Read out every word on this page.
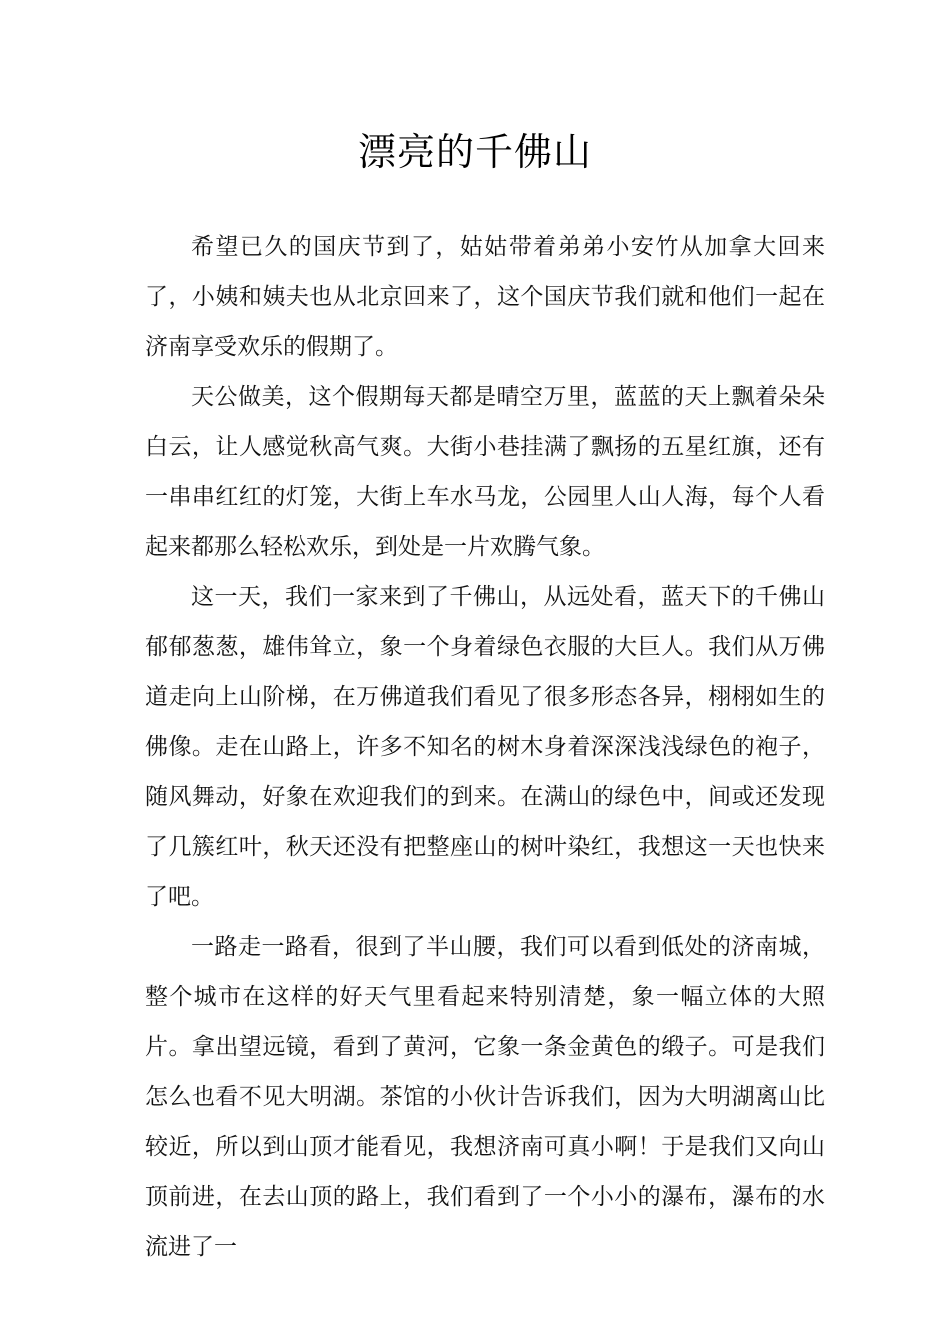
漂亮的千佛山

希望已久的国庆节到了，姑姑带着弟弟小安竹从加拿大回来了，小姨和姨夫也从北京回来了，这个国庆节我们就和他们一起在济南享受欢乐的假期了。

天公做美，这个假期每天都是晴空万里，蓝蓝的天上飘着朵朵白云，让人感觉秋高气爽。大街小巷挂满了飘扬的五星红旗，还有一串串红红的灯笼，大街上车水马龙，公园里人山人海，每个人看起来都那么轻松欢乐，到处是一片欢腾气象。

这一天，我们一家来到了千佛山，从远处看，蓝天下的千佛山郁郁葱葱，雄伟耸立，象一个身着绿色衣服的大巨人。我们从万佛道走向上山阶梯，在万佛道我们看见了很多形态各异，栩栩如生的佛像。走在山路上，许多不知名的树木身着深深浅浅绿色的袍子，随风舞动，好象在欢迎我们的到来。在满山的绿色中，间或还发现了几簇红叶，秋天还没有把整座山的树叶染红，我想这一天也快来了吧。

一路走一路看，很到了半山腰，我们可以看到低处的济南城，整个城市在这样的好天气里看起来特别清楚，象一幅立体的大照片。拿出望远镜，看到了黄河，它象一条金黄色的缎子。可是我们怎么也看不见大明湖。茶馆的小伙计告诉我们，因为大明湖离山比较近，所以到山顶才能看见，我想济南可真小啊！于是我们又向山顶前进，在去山顶的路上，我们看到了一个小小的瀑布，瀑布的水流进了一
